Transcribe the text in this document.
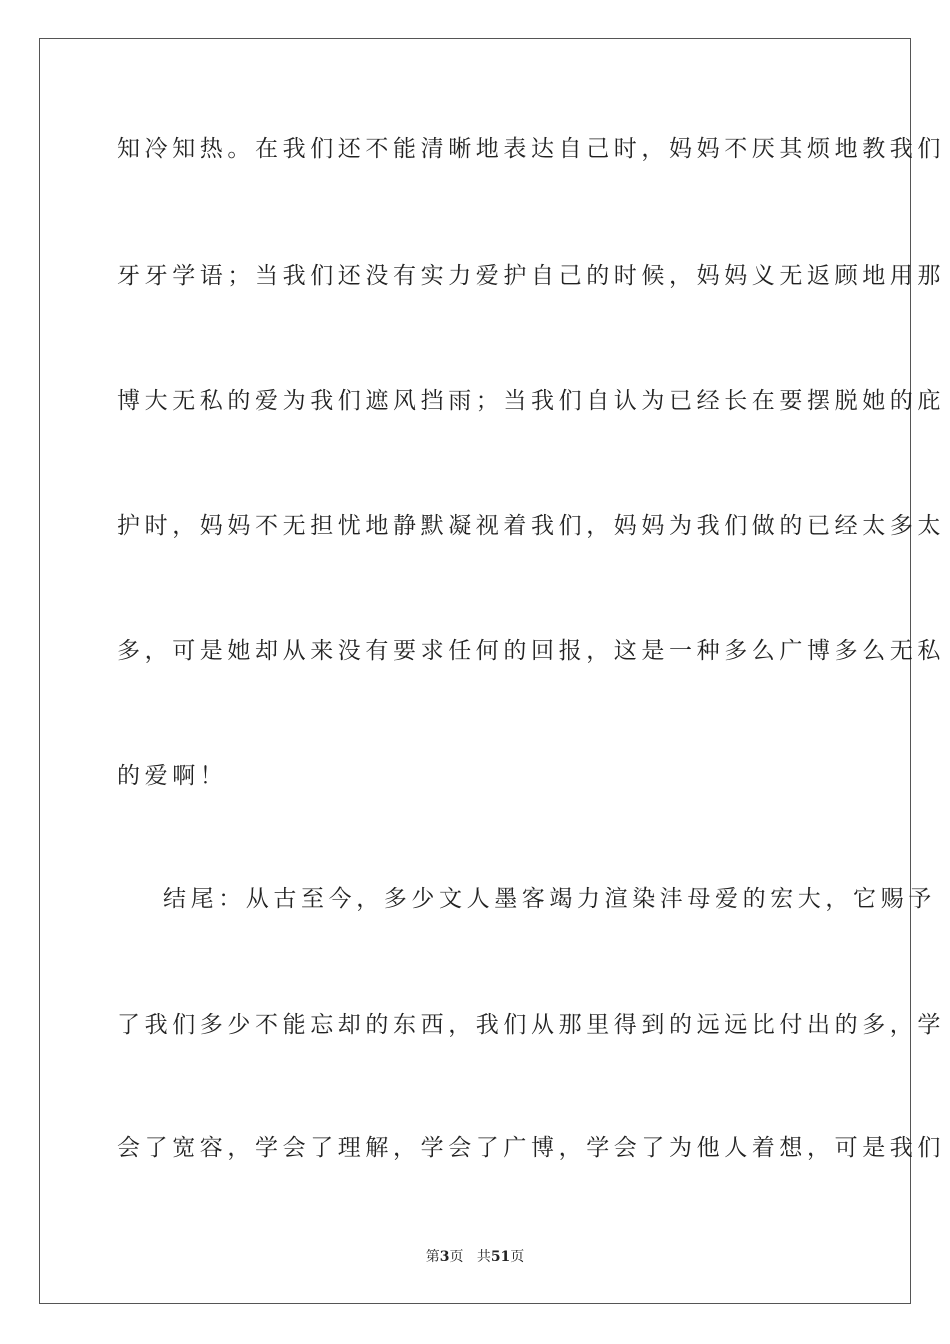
知冷知热。在我们还不能清晰地表达自己时，妈妈不厌其烦地教我们
牙牙学语；当我们还没有实力爱护自己的时候，妈妈义无返顾地用那
博大无私的爱为我们遮风挡雨；当我们自认为已经长在要摆脱她的庇
护时，妈妈不无担忧地静默凝视着我们，妈妈为我们做的已经太多太
多，可是她却从来没有要求任何的回报，这是一种多么广博多么无私
的爱啊！
结尾：从古至今，多少文人墨客竭力渲染沣母爱的宏大，它赐予
了我们多少不能忘却的东西，我们从那里得到的远远比付出的多，学
会了宽容，学会了理解，学会了广博，学会了为他人着想，可是我们
第3页 共51页
